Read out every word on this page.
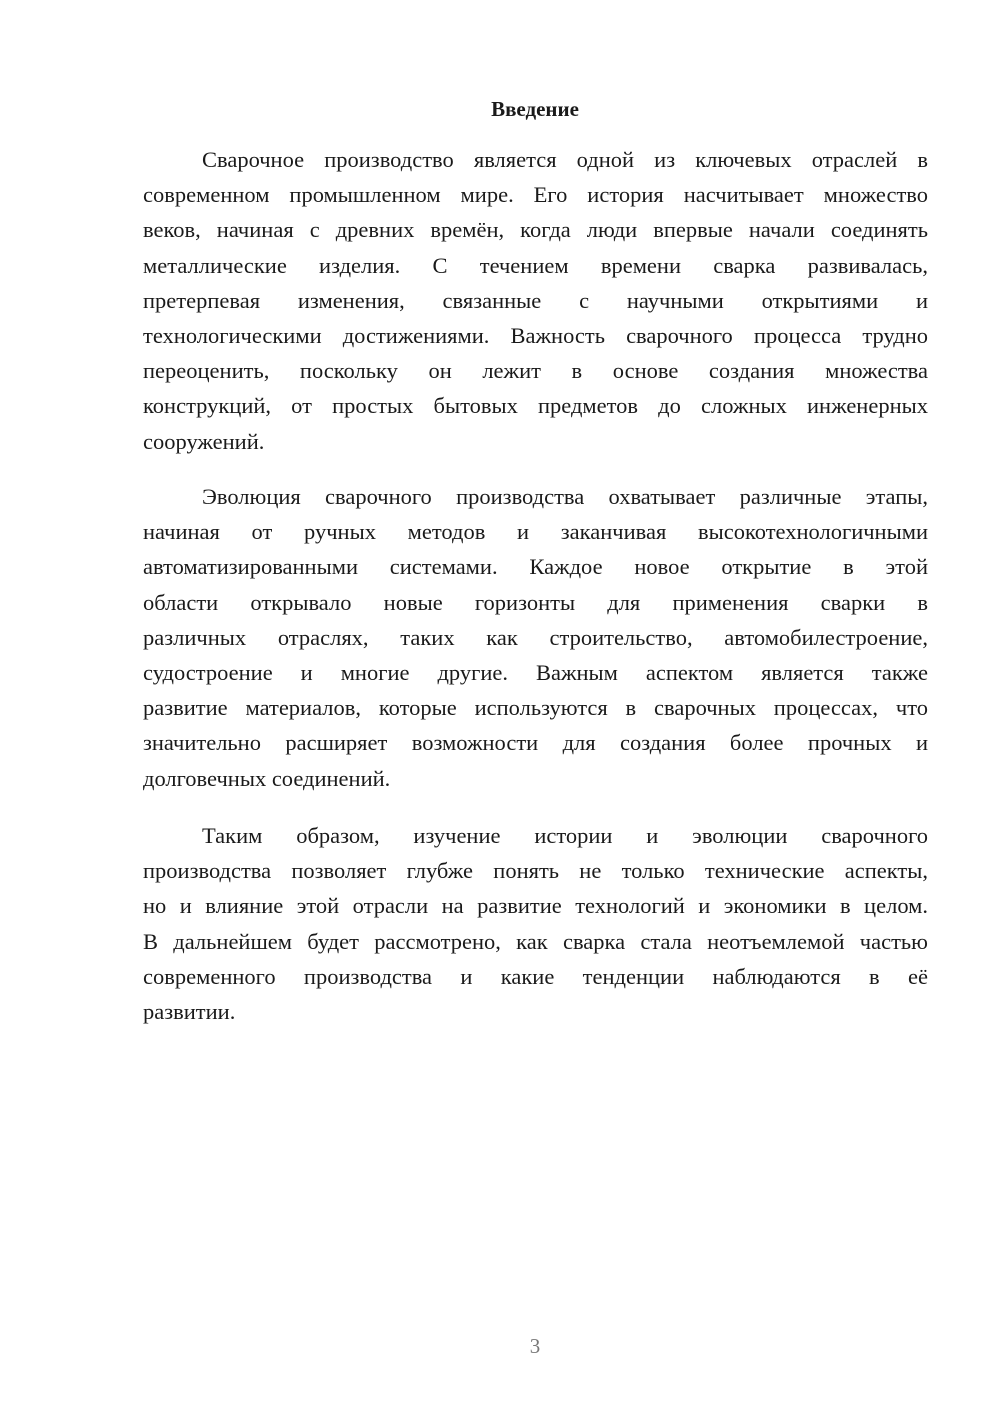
Введение
Сварочное производство является одной из ключевых отраслей в
современном промышленном мире. Его история насчитывает множество
веков, начиная с древних времён, когда люди впервые начали соединять
металлические изделия. С течением времени сварка развивалась,
претерпевая изменения, связанные с научными открытиями и
технологическими достижениями. Важность сварочного процесса трудно
переоценить, поскольку он лежит в основе создания множества
конструкций, от простых бытовых предметов до сложных инженерных
сооружений.
Эволюция сварочного производства охватывает различные этапы,
начиная от ручных методов и заканчивая высокотехнологичными
автоматизированными системами. Каждое новое открытие в этой
области открывало новые горизонты для применения сварки в
различных отраслях, таких как строительство, автомобилестроение,
судостроение и многие другие. Важным аспектом является также
развитие материалов, которые используются в сварочных процессах, что
значительно расширяет возможности для создания более прочных и
долговечных соединений.
Таким образом, изучение истории и эволюции сварочного
производства позволяет глубже понять не только технические аспекты,
но и влияние этой отрасли на развитие технологий и экономики в целом.
В дальнейшем будет рассмотрено, как сварка стала неотъемлемой частью
современного производства и какие тенденции наблюдаются в её
развитии.
3
